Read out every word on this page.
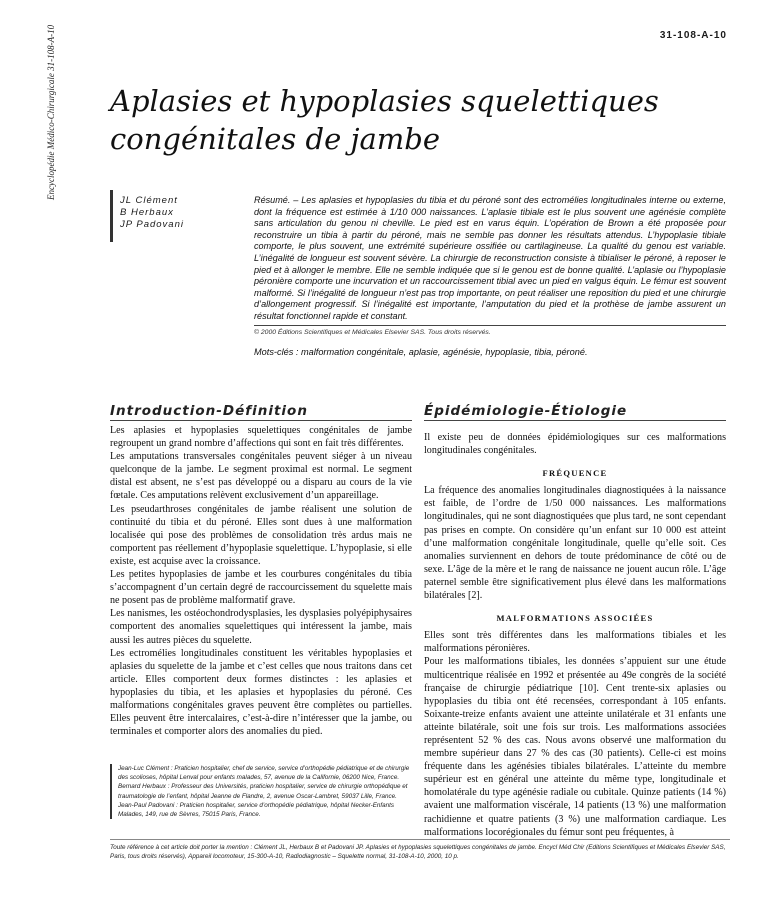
Encyclopédie Médico-Chirurgicale 31-108-A-10	31-108-A-10
Aplasies et hypoplasies squelettiques
congénitales de jambe
JL Clément
B Herbaux
JP Padovani
Résumé. – Les aplasies et hypoplasies du tibia et du péroné sont des ectromélies longitudinales interne ou externe, dont la fréquence est estimée à 1/10 000 naissances. L’aplasie tibiale est le plus souvent une agénésie complète sans articulation du genou ni cheville. Le pied est en varus équin. L’opération de Brown a été proposée pour reconstruire un tibia à partir du péroné, mais ne semble pas donner les résultats attendus. L’hypoplasie tibiale comporte, le plus souvent, une extrémité supérieure ossifiée ou cartilagineuse. La qualité du genou est variable. L’inégalité de longueur est souvent sévère. La chirurgie de reconstruction consiste à tibialiser le péroné, à reposer le pied et à allonger le membre. Elle ne semble indiquée que si le genou est de bonne qualité. L’aplasie ou l’hypoplasie péronière comporte une incurvation et un raccourcissement tibial avec un pied en valgus équin. Le fémur est souvent malformé. Si l’inégalité de longueur n’est pas trop importante, on peut réaliser une reposition du pied et une chirurgie d’allongement progressif. Si l’inégalité est importante, l’amputation du pied et la prothèse de jambe assurent un résultat fonctionnel rapide et constant.
© 2000 Éditions Scientifiques et Médicales Elsevier SAS. Tous droits réservés.
Mots-clés : malformation congénitale, aplasie, agénésie, hypoplasie, tibia, péroné.
Introduction-Définition

Les aplasies et hypoplasies squelettiques congénitales de jambe regroupent un grand nombre d’affections qui sont en fait très différentes.

Les amputations transversales congénitales peuvent siéger à un niveau quelconque de la jambe. Le segment proximal est normal. Le segment distal est absent, ne s’est pas développé ou a disparu au cours de la vie fœtale. Ces amputations relèvent exclusivement d’un appareillage.

Les pseudarthroses congénitales de jambe réalisent une solution de continuité du tibia et du péroné. Elles sont dues à une malformation localisée qui pose des problèmes de consolidation très ardus mais ne comportent pas réellement d’hypoplasie squelettique. L’hypoplasie, si elle existe, est acquise avec la croissance.

Les petites hypoplasies de jambe et les courbures congénitales du tibia s’accompagnent d’un certain degré de raccourcissement du squelette mais ne posent pas de problème malformatif grave.

Les nanismes, les ostéochondrodysplasies, les dysplasies polyépiphysaires comportent des anomalies squelettiques qui intéressent la jambe, mais aussi les autres pièces du squelette.

Les ectromélies longitudinales constituent les véritables hypoplasies et aplasies du squelette de la jambe et c’est celles que nous traitons dans cet article. Elles comportent deux formes distinctes : les aplasies et hypoplasies du tibia, et les aplasies et hypoplasies du péroné. Ces malformations congénitales graves peuvent être complètes ou partielles. Elles peuvent être intercalaires, c’est-à-dire n’intéresser que la jambe, ou terminales et comporter alors des anomalies du pied.

Jean-Luc Clément : Praticien hospitalier, chef de service, service d’orthopédie pédiatrique et de chirurgie des scolioses, hôpital Lenval pour enfants malades, 57, avenue de la Californie, 06200 Nice, France.
Bernard Herbaux : Professeur des Universités, praticien hospitalier, service de chirurgie orthopédique et traumatologie de l’enfant, hôpital Jeanne de Flandre, 2, avenue Oscar-Lambret, 59037 Lille, France.
Jean-Paul Padovani : Praticien hospitalier, service d’orthopédie pédiatrique, hôpital Necker-Enfants Malades, 149, rue de Sèvres, 75015 Paris, France.
Épidémiologie-Étiologie

Il existe peu de données épidémiologiques sur ces malformations longitudinales congénitales.

FRÉQUENCE

La fréquence des anomalies longitudinales diagnostiquées à la naissance est faible, de l’ordre de 1/50 000 naissances. Les malformations longitudinales, qui ne sont diagnostiquées que plus tard, ne sont cependant pas prises en compte. On considère qu’un enfant sur 10 000 est atteint d’une malformation congénitale longitudinale, quelle qu’elle soit. Ces anomalies surviennent en dehors de toute prédominance de côté ou de sexe. L’âge de la mère et le rang de naissance ne jouent aucun rôle. L’âge paternel semble être significativement plus élevé dans les malformations bilatérales [2].

MALFORMATIONS ASSOCIÉES

Elles sont très différentes dans les malformations tibiales et les malformations péronières.

Pour les malformations tibiales, les données s’appuient sur une étude multicentrique réalisée en 1992 et présentée au 49e congrès de la société française de chirurgie pédiatrique [10]. Cent trente-six aplasies ou hypoplasies du tibia ont été recensées, correspondant à 105 enfants. Soixante-treize enfants avaient une atteinte unilatérale et 31 enfants une atteinte bilatérale, soit une fois sur trois. Les malformations associées représentent 52 % des cas. Nous avons observé une malformation du membre supérieur dans 27 % des cas (30 patients). Celle-ci est moins fréquente dans les agénésies tibiales bilatérales. L’atteinte du membre supérieur est en général une atteinte du même type, longitudinale et homolatérale du type agénésie radiale ou cubitale. Quinze patients (14 %) avaient une malformation viscérale, 14 patients (13 %) une malformation rachidienne et quatre patients (3 %) une malformation cardiaque. Les malformations locorégionales du fémur sont peu fréquentes, à

Toute référence à cet article doit porter la mention : Clément JL, Herbaux B et Padovani JP. Aplasies et hypoplasies squelettiques congénitales de jambe. Encycl Méd Chir (Editions Scientifiques et Médicales Elsevier SAS, Paris, tous droits réservés), Appareil locomoteur, 15-300-A-10, Radiodiagnostic – Squelette normal, 31-108-A-10, 2000, 10 p.
